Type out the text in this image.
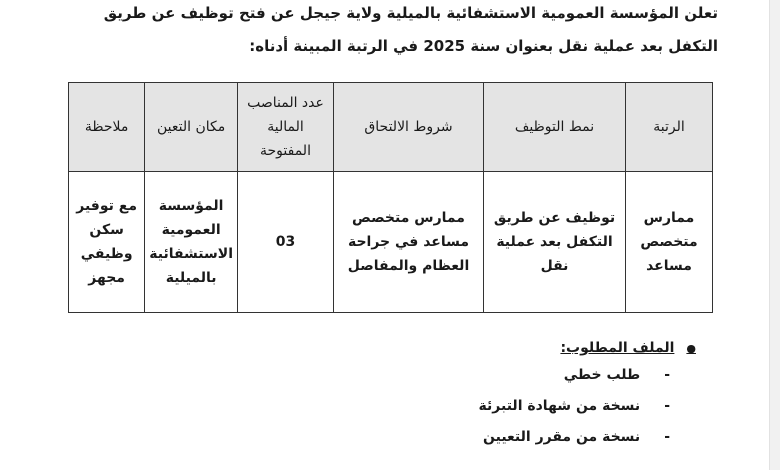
تعلن المؤسسة العمومية الاستشفائية بالميلية ولاية جيجل عن فتح توظيف عن طريق
التكفل بعد عملية نقل بعنوان سنة 2025 في الرتبة المبينة أدناه:
الرتبة	نمط التوظيف	شروط الالتحاق	عدد المناصب المالية المفتوحة	مكان التعين	ملاحظة
ممارس متخصص مساعد	توظيف عن طريق التكفل بعد عملية نقل	ممارس متخصص مساعد في جراحة العظام والمفاصل	03	المؤسسة العمومية الاستشفائية بالميلية	مع توفير سكن وظيفي مجهز
● الملف المطلوب:
- طلب خطي
- نسخة من شهادة التبرئة
- نسخة من مقرر التعيين
